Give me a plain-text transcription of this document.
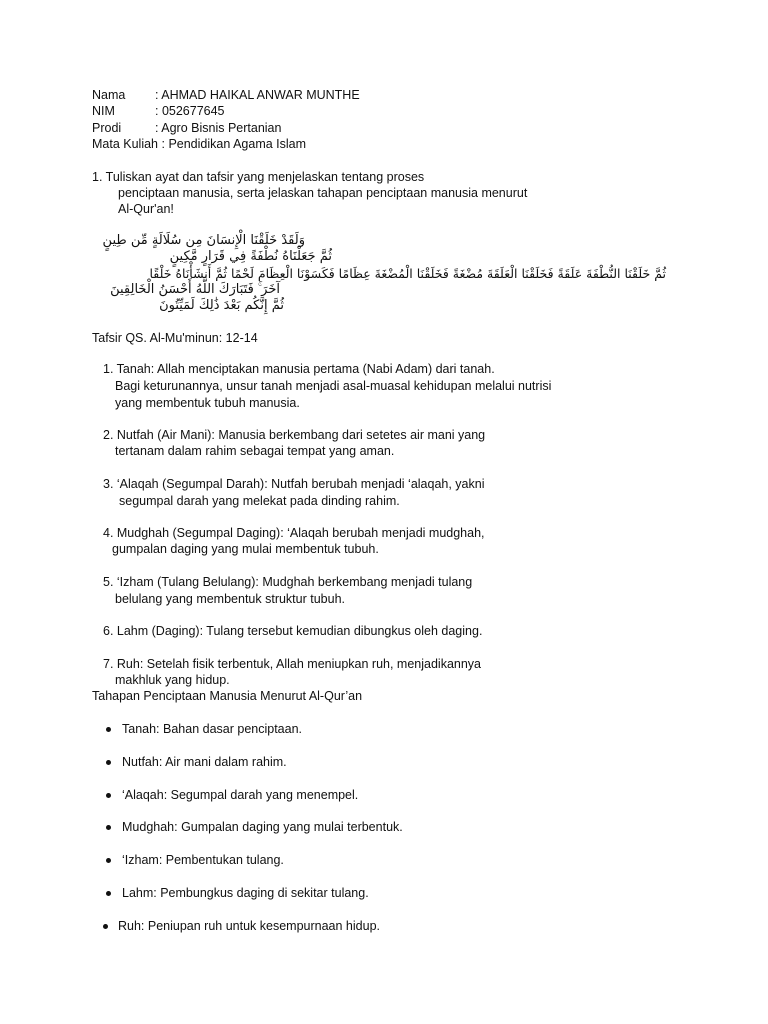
Nama : AHMAD HAIKAL ANWAR MUNTHE
NIM	: 052677645
Prodi	: Agro Bisnis Pertanian
Mata Kuliah : Pendidikan Agama Islam
1. Tuliskan ayat dan tafsir yang menjelaskan tentang proses
penciptaan manusia, serta jelaskan tahapan penciptaan manusia menurut
Al-Qur'an!
وَلَقَدْ خَلَقْنَا الْإِنسَانَ مِن سُلَالَةٍ مِّن طِينٍ
ثُمَّ جَعَلْنَاهُ نُطْفَةً فِي قَرَارٍ مَّكِينٍ
ثُمَّ خَلَقْنَا النُّطْفَةَ عَلَقَةً فَخَلَقْنَا الْعَلَقَةَ مُضْغَةً فَخَلَقْنَا الْمُضْغَةَ عِظَامًا فَكَسَوْنَا الْعِظَامَ لَحْمًا ثُمَّ أَنشَأْنَاهُ خَلْقًا
آخَرَ ۚ فَتَبَارَكَ اللَّهُ أَحْسَنُ الْخَالِقِينَ
ثُمَّ إِنَّكُم بَعْدَ ذَٰلِكَ لَمَيِّتُونَ
Tafsir QS. Al-Mu'minun: 12-14
1. Tanah: Allah menciptakan manusia pertama (Nabi Adam) dari tanah.
Bagi keturunannya, unsur tanah menjadi asal-muasal kehidupan melalui nutrisi
yang membentuk tubuh manusia.
2. Nutfah (Air Mani): Manusia berkembang dari setetes air mani yang
tertanam dalam rahim sebagai tempat yang aman.
3. ‘Alaqah (Segumpal Darah): Nutfah berubah menjadi ‘alaqah, yakni
segumpal darah yang melekat pada dinding rahim.
4. Mudghah (Segumpal Daging): ‘Alaqah berubah menjadi mudghah,
gumpalan daging yang mulai membentuk tubuh.
5. ‘Izham (Tulang Belulang): Mudghah berkembang menjadi tulang
belulang yang membentuk struktur tubuh.
6. Lahm (Daging): Tulang tersebut kemudian dibungkus oleh daging.
7. Ruh: Setelah fisik terbentuk, Allah meniupkan ruh, menjadikannya
makhluk yang hidup.
Tahapan Penciptaan Manusia Menurut Al-Qur’an
Tanah: Bahan dasar penciptaan.
Nutfah: Air mani dalam rahim.
‘Alaqah: Segumpal darah yang menempel.
Mudghah: Gumpalan daging yang mulai terbentuk.
‘Izham: Pembentukan tulang.
Lahm: Pembungkus daging di sekitar tulang.
Ruh: Peniupan ruh untuk kesempurnaan hidup.
